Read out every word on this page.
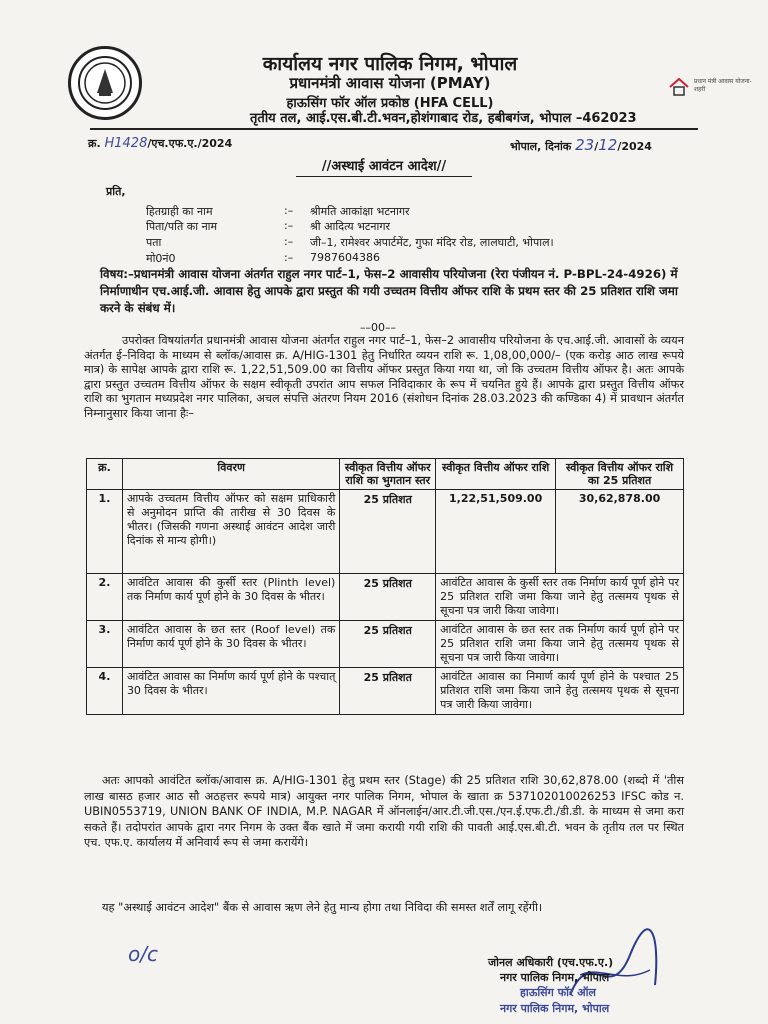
प्रधान मंत्री आवास योजना-शहरी
कार्यालय नगर पालिक निगम, भोपाल
प्रधानमंत्री आवास योजना (PMAY)
हाऊसिंग फॉर ऑल प्रकोष्ठ (HFA CELL)
तृतीय तल, आई.एस.बी.टी.भवन,होशंगाबाद रोड, हबीबगंज, भोपाल –462023
क्र. H1428/एच.एफ.ए./2024	भोपाल, दिनांक 23/12/2024
//अस्थाई आवंटन आदेश//
प्रति,
हितग्राही का नाम	:– श्रीमति आकांक्षा भटनागर
पिता/पति का नाम	:– श्री आदित्य भटनागर
पता	:– जी–1, रामेश्वर अपार्टमेंट, गुफा मंदिर रोड, लालघाटी, भोपाल।
मो0नं0	:– 7987604386
विषय:–प्रधानमंत्री आवास योजना अंतर्गत राहुल नगर पार्ट–1, फेस–2 आवासीय परियोजना (रेरा पंजीयन नं. P-BPL-24-4926) में निर्माणाधीन एच.आई.जी. आवास हेतु आपके द्वारा प्रस्तुत की गयी उच्चतम वित्तीय ऑफर राशि के प्रथम स्तर की 25 प्रतिशत राशि जमा करने के संबंध में।
––00––
उपरोक्त विषयांतर्गत प्रधानमंत्री आवास योजना अंतर्गत राहुल नगर पार्ट–1, फेस–2 आवासीय परियोजना के एच.आई.जी. आवासों के व्ययन अंतर्गत ई–निविदा के माध्यम से ब्लॉक/आवास क्र. A/HIG-1301 हेतु निर्धारित व्ययन राशि रू. 1,08,00,000/– (एक करोड़ आठ लाख रूपये मात्र) के सापेक्ष आपके द्वारा राशि रू. 1,22,51,509.00 का वित्तीय ऑफर प्रस्तुत किया गया था, जो कि उच्चतम वित्तीय ऑफर है। अतः आपके द्वारा प्रस्तुत उच्चतम वित्तीय ऑफर के सक्षम स्वीकृती उपरांत आप सफल निविदाकार के रूप में चयनित हुये हैं। आपके द्वारा प्रस्तुत वित्तीय ऑफर राशि का भुगतान मध्यप्रदेश नगर पालिका, अचल संपत्ति अंतरण नियम 2016 (संशोधन दिनांक 28.03.2023 की कण्डिका 4) में प्रावधान अंतर्गत निम्नानुसार किया जाना हैः–
क्र.	विवरण	स्वीकृत वित्तीय ऑफर राशि का भुगतान स्तर	स्वीकृत वित्तीय ऑफर राशि	स्वीकृत वित्तीय ऑफर राशि का 25 प्रतिशत
1.	आपके उच्चतम वित्तीय ऑफर को सक्षम प्राधिकारी से अनुमोदन प्राप्ति की तारीख से 30 दिवस के भीतर। (जिसकी गणना अस्थाई आवंटन आदेश जारी दिनांक से मान्य होगी।)	25 प्रतिशत	1,22,51,509.00	30,62,878.00
2.	आवंटित आवास की कुर्सी स्तर (Plinth level) तक निर्माण कार्य पूर्ण होने के 30 दिवस के भीतर।	25 प्रतिशत	आवंटित आवास के कुर्सी स्तर तक निर्माण कार्य पूर्ण होने पर 25 प्रतिशत राशि जमा किया जाने हेतु तत्समय पृथक से सूचना पत्र जारी किया जावेगा।	
3.	आवंटित आवास के छत स्तर (Roof level) तक निर्माण कार्य पूर्ण होने के 30 दिवस के भीतर।	25 प्रतिशत	आवंटित आवास के छत स्तर तक निर्माण कार्य पूर्ण होने पर 25 प्रतिशत राशि जमा किया जाने हेतु तत्समय पृथक से सूचना पत्र जारी किया जावेगा।	
4.	आवंटित आवास का निर्माण कार्य पूर्ण होने के पश्चात् 30 दिवस के भीतर।	25 प्रतिशत	आवंटित आवास का निमार्ण कार्य पूर्ण होने के पश्चात 25 प्रतिशत राशि जमा किया जाने हेतु तत्समय पृथक से सूचना पत्र जारी किया जावेगा।	
अतः आपको आवंटित ब्लॉक/आवास क्र. A/HIG-1301 हेतु प्रथम स्तर (Stage) की 25 प्रतिशत राशि 30,62,878.00 (शब्दो में 'तीस लाख बासठ हजार आठ सौ अठहत्तर रूपये मात्र) आयुक्त नगर पालिक निगम, भोपाल के खाता क्र 537102010026253 IFSC कोड न. UBIN0553719, UNION BANK OF INDIA, M.P. NAGAR में ऑनलाईन/आर.टी.जी.एस./एन.ई.एफ.टी./डी.डी. के माध्यम से जमा करा सकते हैं। तदोपरांत आपके द्वारा नगर निगम के उक्त बैंक खाते में जमा करायी गयी राशि की पावती आई.एस.बी.टी. भवन के तृतीय तल पर स्थित एच. एफ.ए. कार्यालय में अनिवार्य रूप से जमा करायेंगे।
यह "अस्थाई आवंटन आदेश" बैंक से आवास ऋण लेने हेतु मान्य होगा तथा निविदा की समस्त शर्तें लागू रहेंगी।
o/c	जोनल अधिकारी (एच.एफ.ए.)
नगर पालिक निगम, भोपाल
हाऊसिंग फॉर ऑल
नगर पालिक निगम, भोपाल
